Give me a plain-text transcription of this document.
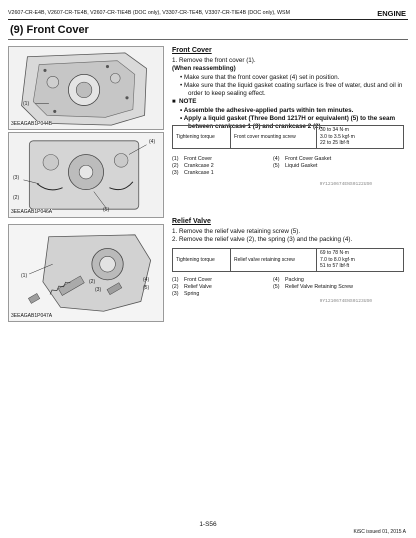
V2607-CR-E4B, V2607-CR-TE4B, V2607-CR-TIE4B (DOC only), V3307-CR-TE4B, V3307-CR-TIE4B (DOC only), WSM	ENGINE
(9) Front Cover
(1)
3EEAGAB1P044B
(4)
(3)
(2)
(5)
3EEAGAB1P046A
(1)
(2)
(3)
(4)
(5)
3EEAGAB1P047A
Front Cover
1. Remove the front cover (1).
(When reassembling)
• Make sure that the front cover gasket (4) set in position.
• Make sure that the liquid gasket coating surface is free of water, dust and oil in order to keep sealing effect.
■  NOTE
• Assemble the adhesive-applied parts within ten minutes.
• Apply a liquid gasket (Three Bond 1217H or equivalent) (5) to the seam between crankcase 1 (3) and crankcase 2 (2).
Tightening torque	Front cover mounting screw	
30 to 34 N·m
3.0 to 3.5 kgf·m
22 to 25 lbf·ft
(1) Front Cover	(4) Front Cover Gasket
(2) Crankcase 2	(5) Liquid Gasket
(3) Crankcase 1
9Y1210674ENS0122US0
Relief Valve
1. Remove the relief valve retaining screw (5).
2. Remove the relief valve (2), the spring (3) and the packing (4).
Tightening torque	Relief valve retaining screw	
69 to 78 N·m
7.0 to 8.0 kgf·m
51 to 57 lbf·ft
(1) Front Cover	(4) Packing
(2) Relief Valve	(5) Relief Valve Retaining Screw
(3) Spring
9Y1210674ENS0123US0
1-S56
KiSC issued 01, 2015 A
